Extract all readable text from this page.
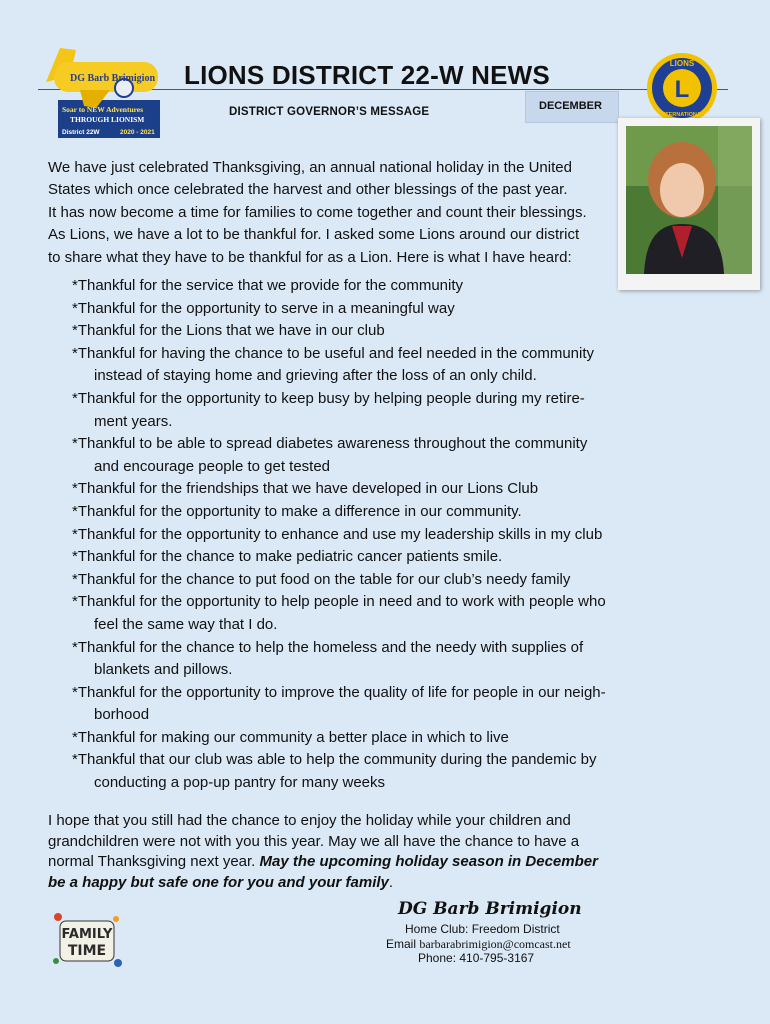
DG Barb Brimigion
Soar to NEW Adventures
THROUGH LIONISM
District 22W	2020 - 2021
LIONS DISTRICT 22-W NEWS
DISTRICT GOVERNOR’S MESSAGE	DECEMBER
L
LIONS
INTERNATIONAL
We have just celebrated Thanksgiving, an annual national holiday in the United
States which once celebrated the harvest and other blessings of the past year.
It has now become a time for families to come together and count their blessings.
As Lions, we have a lot to be thankful for. I asked some Lions around our district
to share what they have to be thankful for as a Lion. Here is what I have heard:
*Thankful for the service that we provide for the community
*Thankful for the opportunity to serve in a meaningful way
*Thankful for the Lions that we have in our club
*Thankful for having the chance to be useful and feel needed in the community
instead of staying home and grieving after the loss of an only child.
*Thankful for the opportunity to keep busy by helping people during my retire-
ment years.
*Thankful to be able to spread diabetes awareness throughout the community
and encourage people to get tested
*Thankful for the friendships that we have developed in our Lions Club
*Thankful for the opportunity to make a difference in our community.
*Thankful for the opportunity to enhance and use my leadership skills in my club
*Thankful for the chance to make pediatric cancer patients smile.
*Thankful for the chance to put food on the table for our club’s needy family
*Thankful for the opportunity to help people in need and to work with people who
feel the same way that I do.
*Thankful for the chance to help the homeless and the needy with supplies of
blankets and pillows.
*Thankful for the opportunity to improve the quality of life for people in our neigh-
borhood
*Thankful for making our community a better place in which to live
*Thankful that our club was able to help the community during the pandemic by
conducting a pop-up pantry for many weeks
I hope that you still had the chance to enjoy the holiday while your children and
grandchildren were not with you this year. May we all have the chance to have a
normal Thanksgiving next year. May the upcoming holiday season in December
be a happy but safe one for you and your family.
FAMILY
TIME
DG Barb Brimigion
Home Club: Freedom District
Email barbarabrimigion@comcast.net
Phone: 410-795-3167
